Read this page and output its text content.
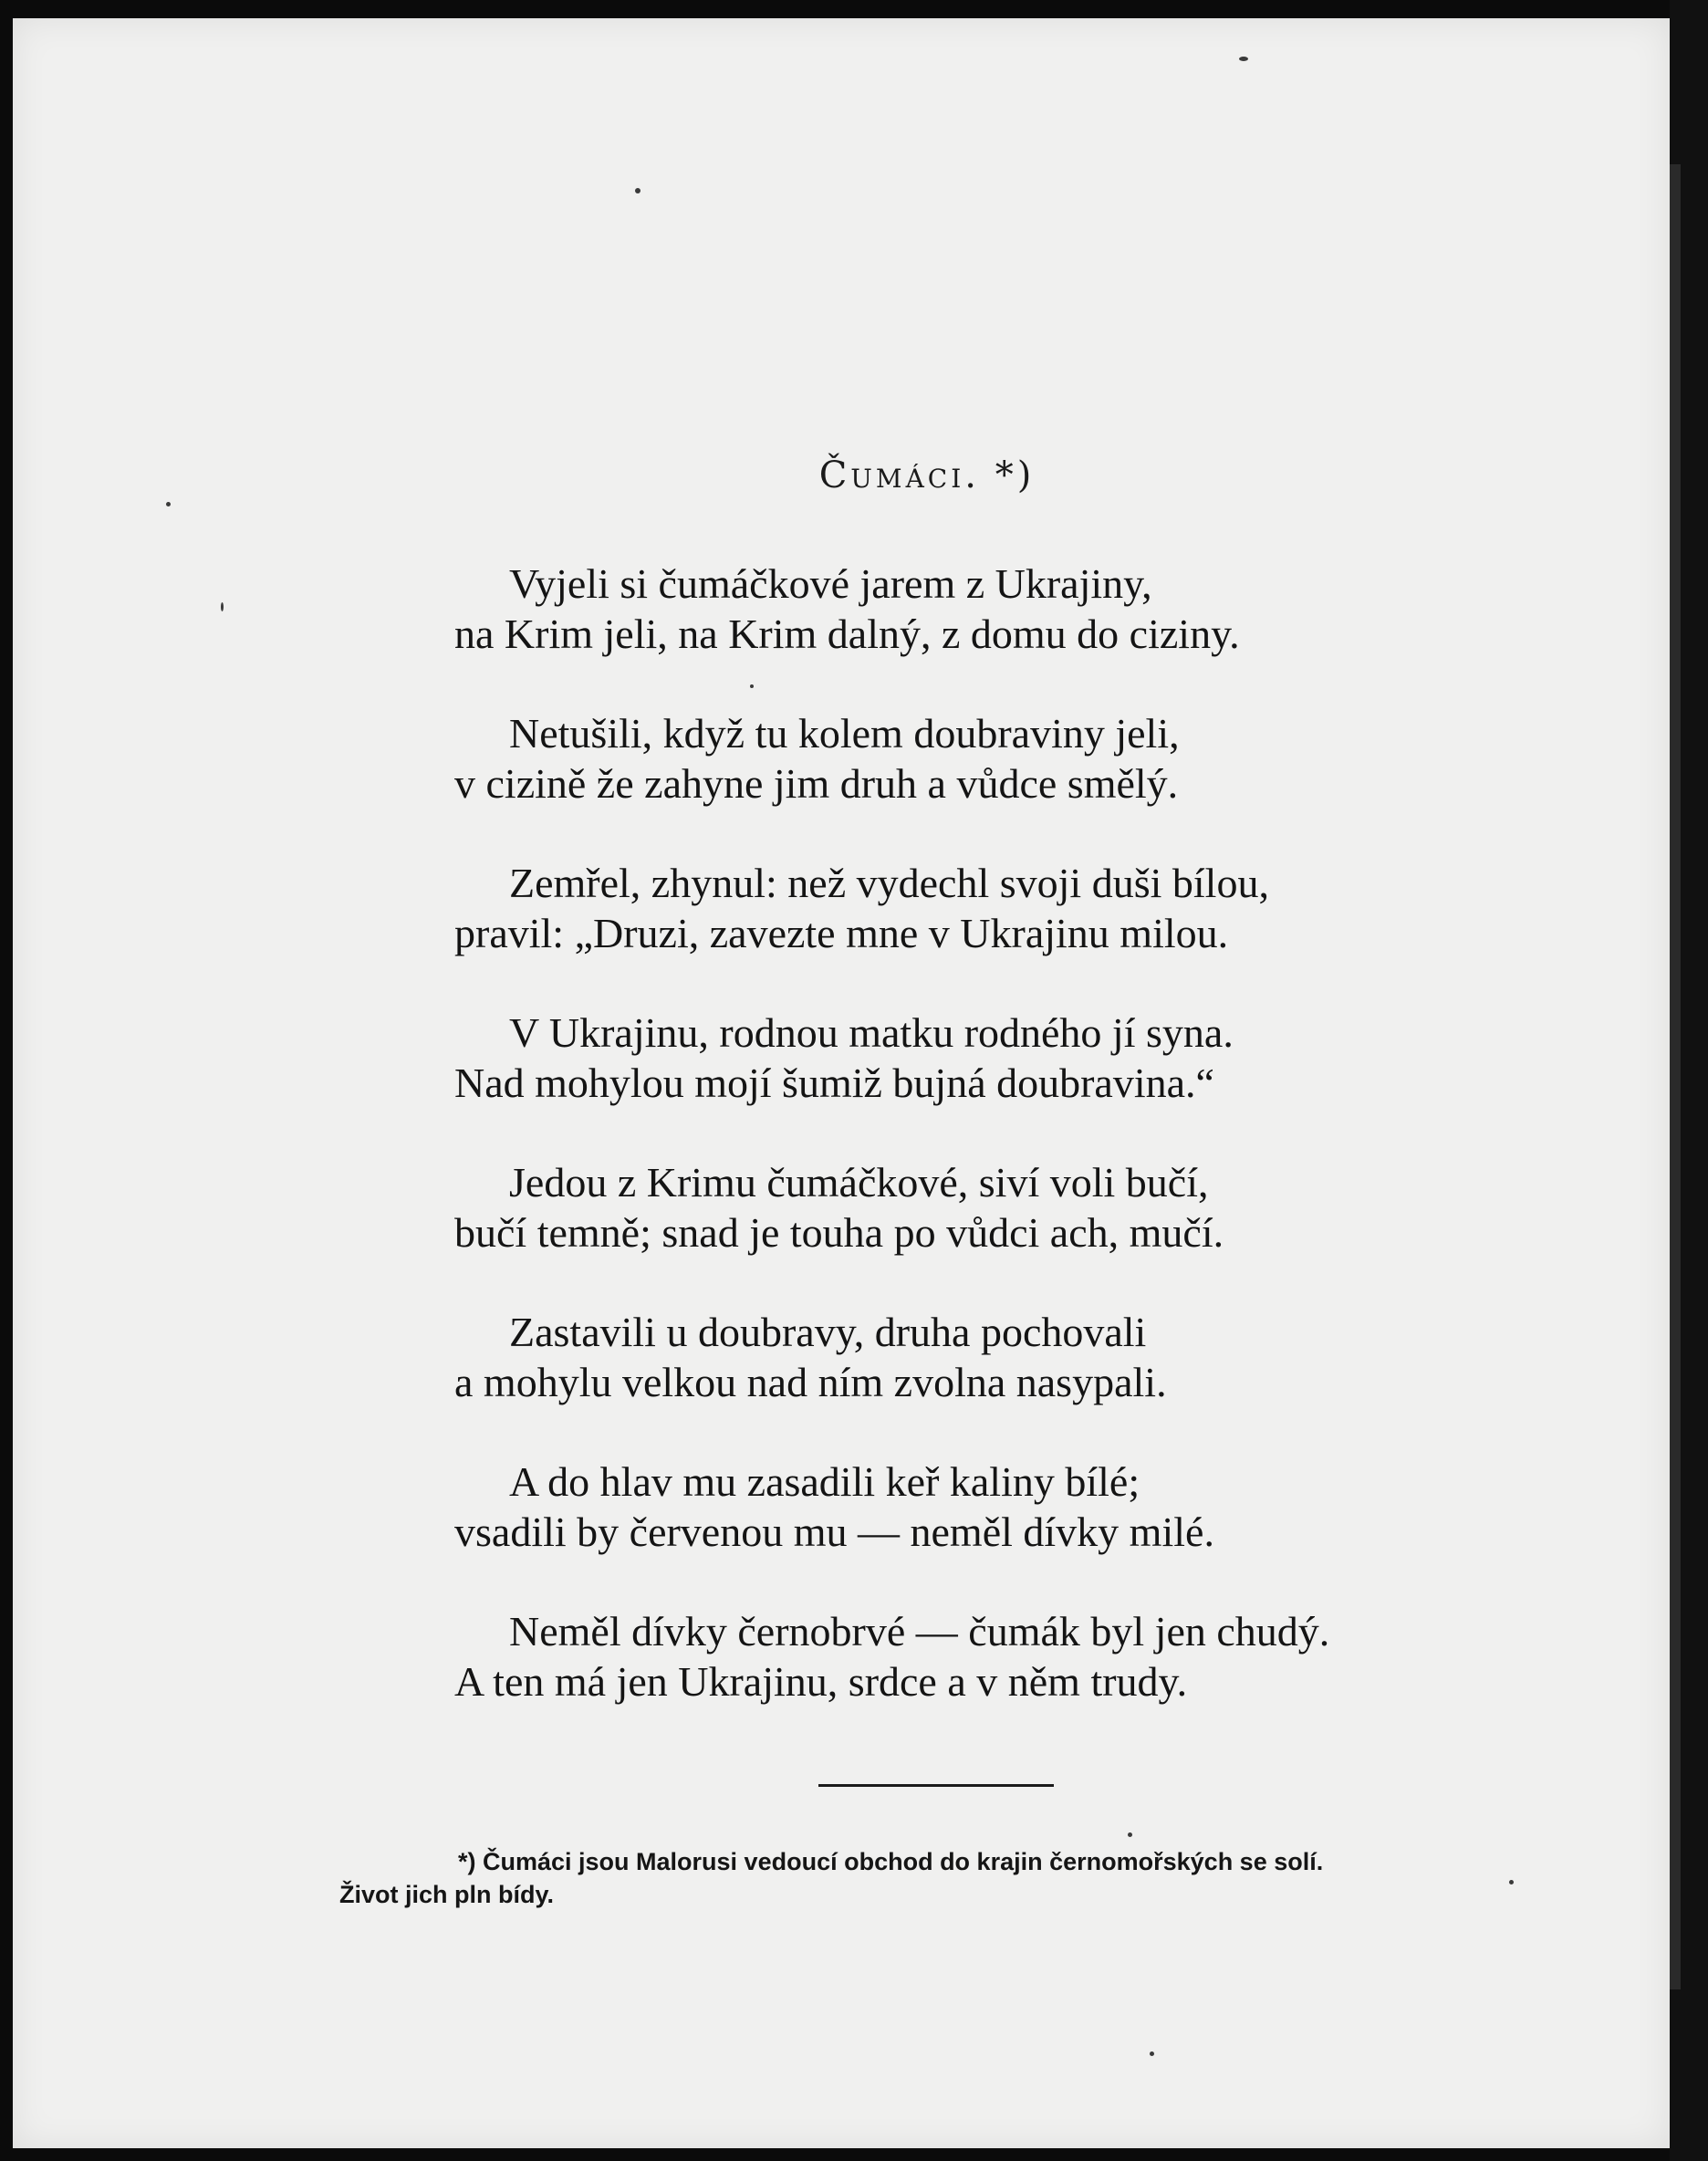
Čumáci. *)
Vyjeli si čumáčkové jarem z Ukrajiny,
na Krim jeli, na Krim dalný, z domu do ciziny.
Netušili, když tu kolem doubraviny jeli,
v cizině že zahyne jim druh a vůdce smělý.
Zemřel, zhynul: než vydechl svoji duši bílou,
pravil: „Druzi, zavezte mne v Ukrajinu milou.
V Ukrajinu, rodnou matku rodného jí syna.
Nad mohylou mojí šumiž bujná doubravina.“
Jedou z Krimu čumáčkové, siví voli bučí,
bučí temně; snad je touha po vůdci ach, mučí.
Zastavili u doubravy, druha pochovali
a mohylu velkou nad ním zvolna nasypali.
A do hlav mu zasadili keř kaliny bílé;
vsadili by červenou mu — neměl dívky milé.
Neměl dívky černobrvé — čumák byl jen chudý.
A ten má jen Ukrajinu, srdce a v něm trudy.
*) Čumáci jsou Malorusi vedoucí obchod do krajin černomořských se solí.
Život jich pln bídy.
